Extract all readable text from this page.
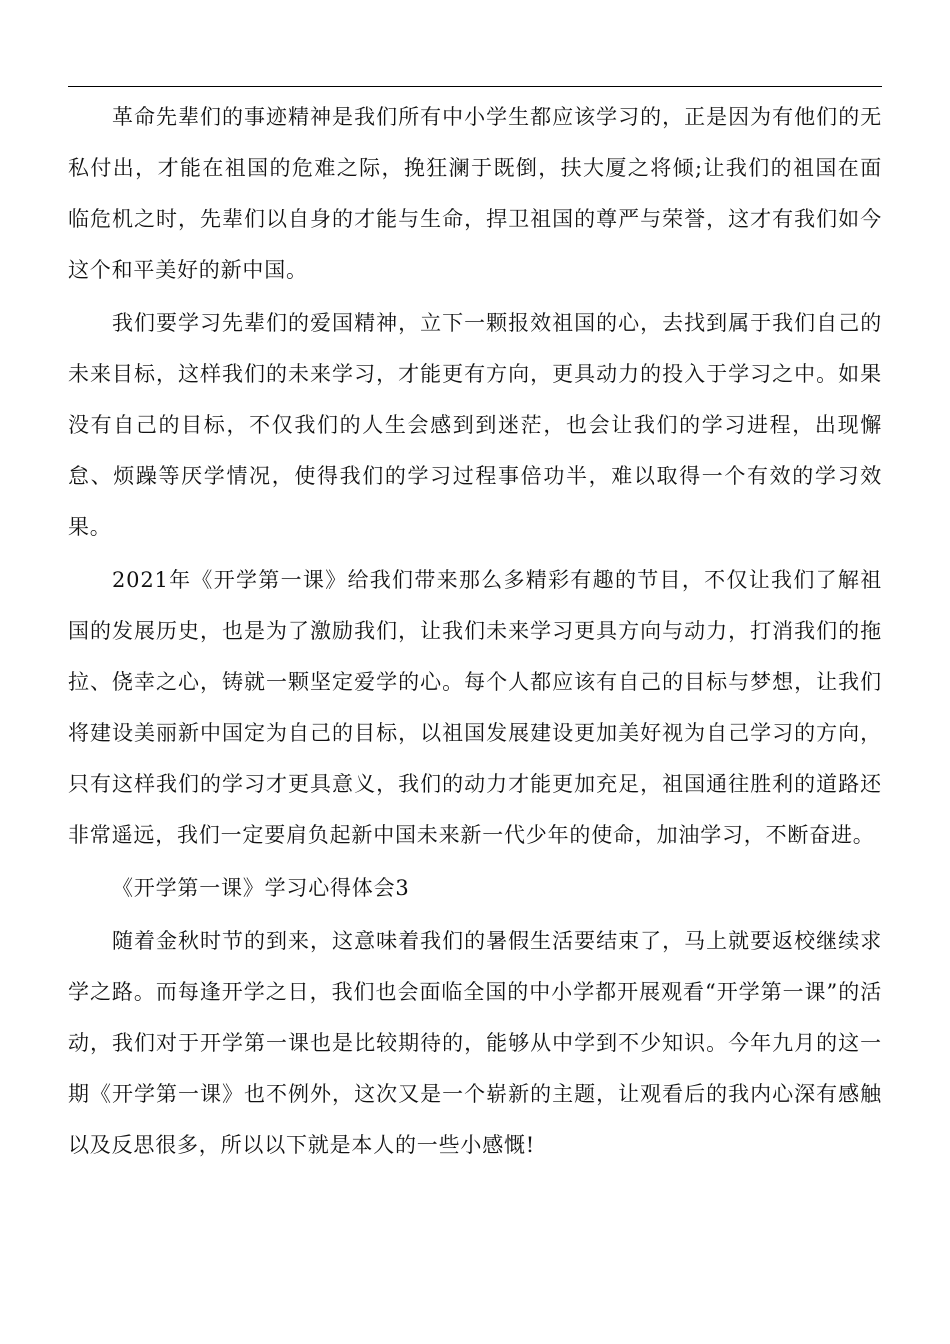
革命先辈们的事迹精神是我们所有中小学生都应该学习的，正是因为有他们的无私付出，才能在祖国的危难之际，挽狂澜于既倒，扶大厦之将倾;让我们的祖国在面临危机之时，先辈们以自身的才能与生命，捍卫祖国的尊严与荣誉，这才有我们如今这个和平美好的新中国。

我们要学习先辈们的爱国精神，立下一颗报效祖国的心，去找到属于我们自己的未来目标，这样我们的未来学习，才能更有方向，更具动力的投入于学习之中。如果没有自己的目标，不仅我们的人生会感到到迷茫，也会让我们的学习进程，出现懈怠、烦躁等厌学情况，使得我们的学习过程事倍功半，难以取得一个有效的学习效果。

2021年《开学第一课》给我们带来那么多精彩有趣的节目，不仅让我们了解祖国的发展历史，也是为了激励我们，让我们未来学习更具方向与动力，打消我们的拖拉、侥幸之心，铸就一颗坚定爱学的心。每个人都应该有自己的目标与梦想，让我们将建设美丽新中国定为自己的目标，以祖国发展建设更加美好视为自己学习的方向，只有这样我们的学习才更具意义，我们的动力才能更加充足，祖国通往胜利的道路还非常遥远，我们一定要肩负起新中国未来新一代少年的使命，加油学习，不断奋进。

《开学第一课》学习心得体会3

随着金秋时节的到来，这意味着我们的暑假生活要结束了，马上就要返校继续求学之路。而每逢开学之日，我们也会面临全国的中小学都开展观看“开学第一课”的活动，我们对于开学第一课也是比较期待的，能够从中学到不少知识。今年九月的这一期《开学第一课》也不例外，这次又是一个崭新的主题，让观看后的我内心深有感触以及反思很多，所以以下就是本人的一些小感慨!
